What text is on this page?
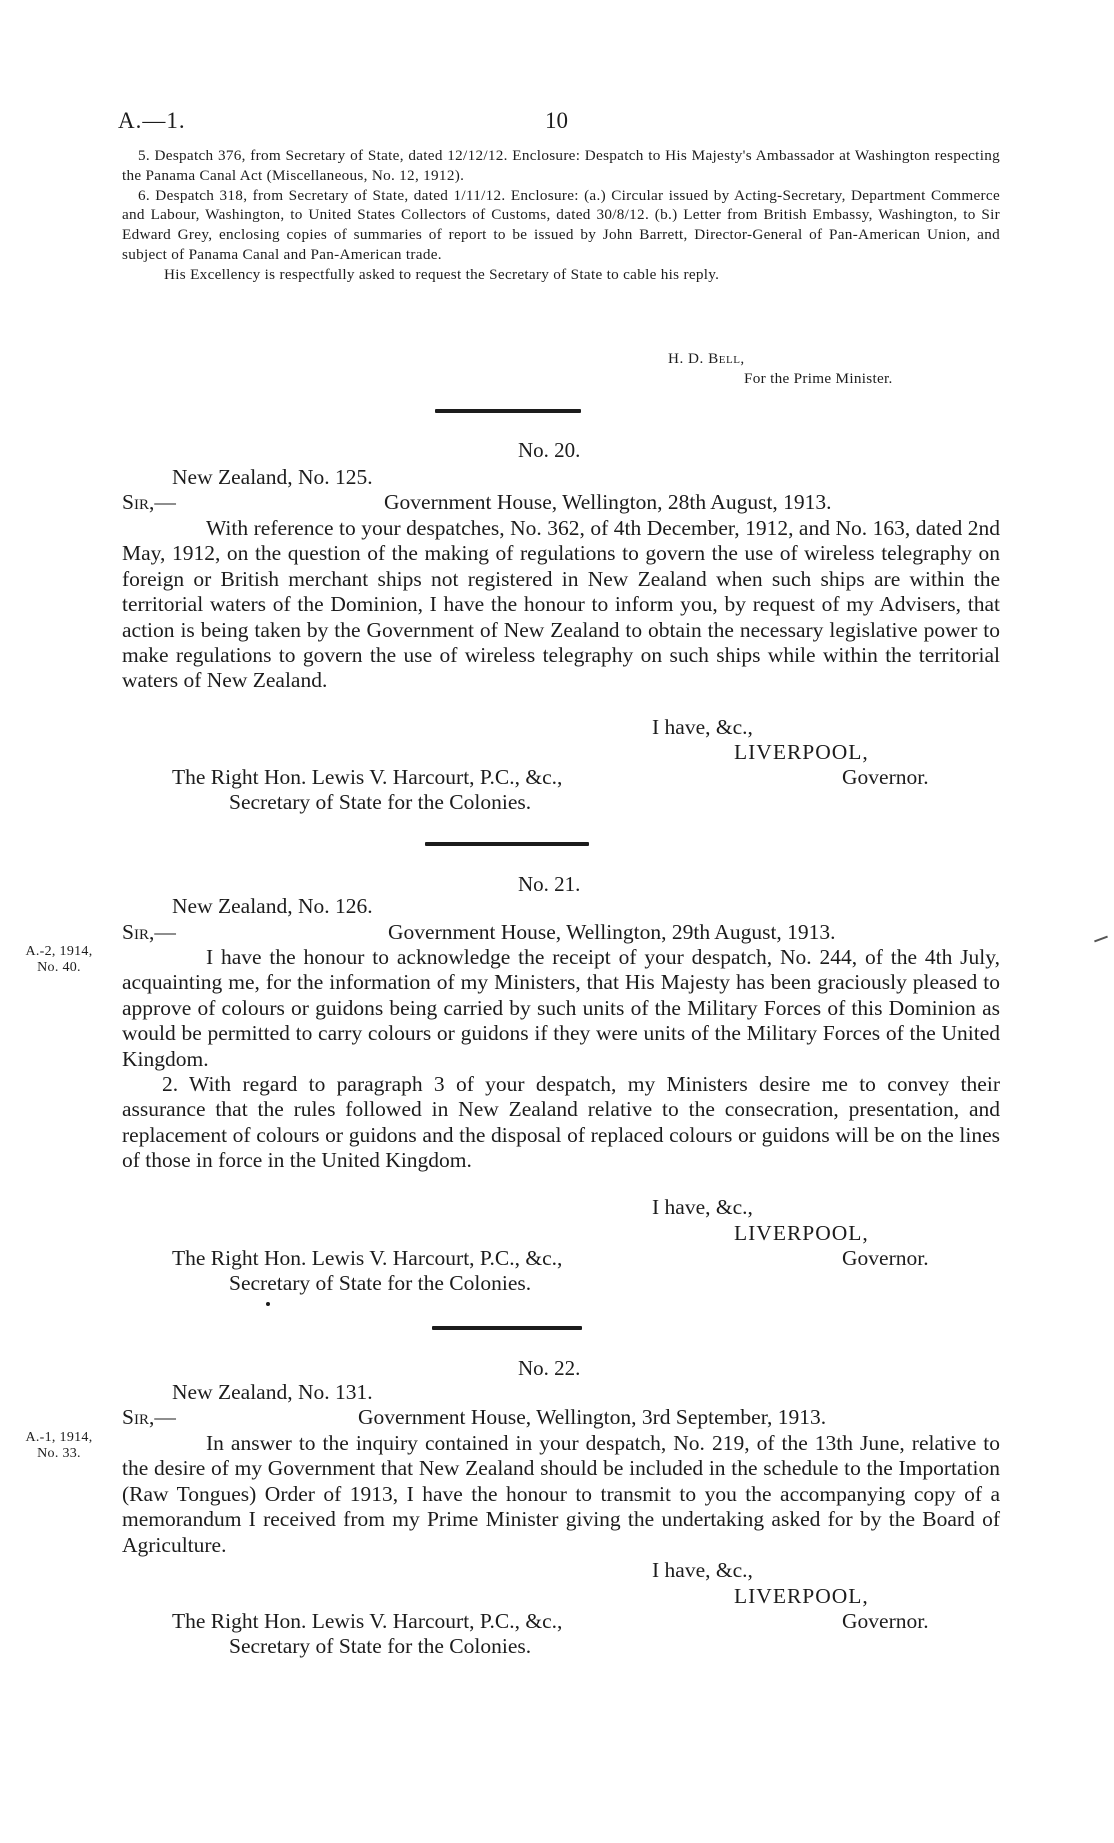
A.—1.	10

5. Despatch 376, from Secretary of State, dated 12/12/12. Enclosure: Despatch to His Majesty's Ambassador at Washington respecting the Panama Canal Act (Miscellaneous, No. 12, 1912).

6. Despatch 318, from Secretary of State, dated 1/11/12. Enclosure: (a.) Circular issued by Acting-Secretary, Department Commerce and Labour, Washington, to United States Collectors of Customs, dated 30/8/12. (b.) Letter from British Embassy, Washington, to Sir Edward Grey, enclosing copies of summaries of report to be issued by John Barrett, Director-General of Pan-American Union, and subject of Panama Canal and Pan-American trade.

His Excellency is respectfully asked to request the Secretary of State to cable his reply.

H. D. Bell,
For the Prime Minister.
No. 20.
New Zealand, No. 125.
Sir,—	Government House, Wellington, 28th August, 1913.

With reference to your despatches, No. 362, of 4th December, 1912, and No. 163, dated 2nd May, 1912, on the question of the making of regulations to govern the use of wireless telegraphy on foreign or British merchant ships not registered in New Zealand when such ships are within the territorial waters of the Dominion, I have the honour to inform you, by request of my Advisers, that action is being taken by the Government of New Zealand to obtain the necessary legislative power to make regulations to govern the use of wireless telegraphy on such ships while within the territorial waters of New Zealand.

I have, &c.,
LIVERPOOL,
The Right Hon. Lewis V. Harcourt, P.C., &c.,	Governor.
Secretary of State for the Colonies.
No. 21.
New Zealand, No. 126.
Sir,—	Government House, Wellington, 29th August, 1913.
A.-2, 1914,
No. 40.	I have the honour to acknowledge the receipt of your despatch, No. 244, of the 4th July, acquainting me, for the information of my Ministers, that His Majesty has been graciously pleased to approve of colours or guidons being carried by such units of the Military Forces of this Dominion as would be permitted to carry colours or guidons if they were units of the Military Forces of the United Kingdom.

2. With regard to paragraph 3 of your despatch, my Ministers desire me to convey their assurance that the rules followed in New Zealand relative to the consecration, presentation, and replacement of colours or guidons and the disposal of replaced colours or guidons will be on the lines of those in force in the United Kingdom.

I have, &c.,
LIVERPOOL,
The Right Hon. Lewis V. Harcourt, P.C., &c.,	Governor.
Secretary of State for the Colonies.
No. 22.
New Zealand, No. 131.
Sir,—	Government House, Wellington, 3rd September, 1913.
A.-1, 1914,
No. 33.	In answer to the inquiry contained in your despatch, No. 219, of the 13th June, relative to the desire of my Government that New Zealand should be included in the schedule to the Importation (Raw Tongues) Order of 1913, I have the honour to transmit to you the accompanying copy of a memorandum I received from my Prime Minister giving the undertaking asked for by the Board of Agriculture.

I have, &c.,
LIVERPOOL,
The Right Hon. Lewis V. Harcourt, P.C., &c.,	Governor.
Secretary of State for the Colonies.
